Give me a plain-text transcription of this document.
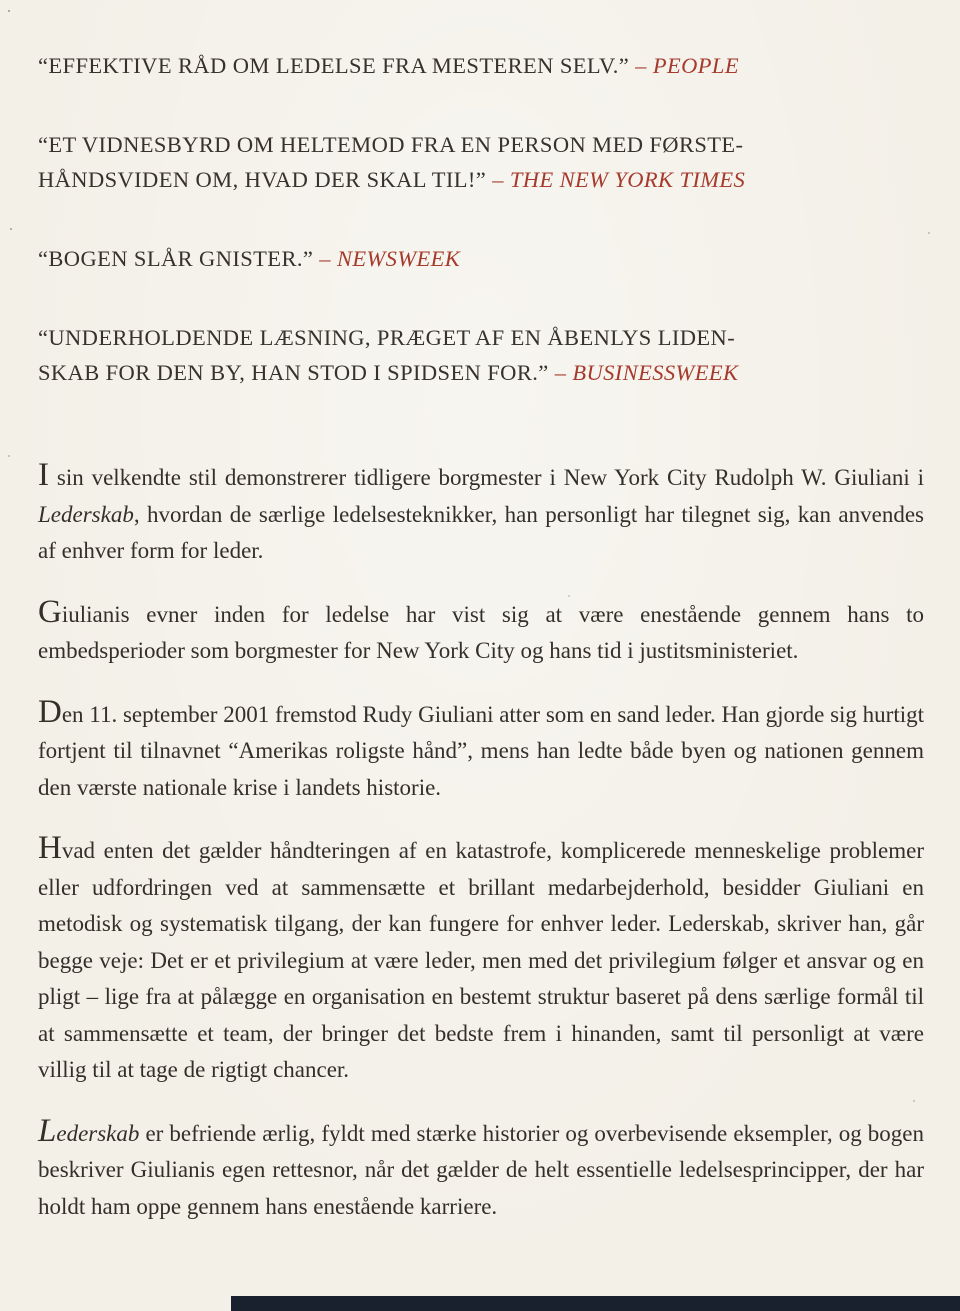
“EFFEKTIVE RÅD OM LEDELSE FRA MESTEREN SELV.” – PEOPLE

“ET VIDNESBYRD OM HELTEMOD FRA EN PERSON MED FØRSTE-
HÅNDSVIDEN OM, HVAD DER SKAL TIL!” – THE NEW YORK TIMES

“BOGEN SLÅR GNISTER.” – NEWSWEEK

“UNDERHOLDENDE LÆSNING, PRÆGET AF EN ÅBENLYS LIDEN-
SKAB FOR DEN BY, HAN STOD I SPIDSEN FOR.” – BUSINESSWEEK

I sin velkendte stil demonstrerer tidligere borgmester i New York City Rudolph W. Giuliani i Lederskab, hvordan de særlige ledelsesteknikker, han personligt har tilegnet sig, kan anvendes af enhver form for leder.

Giulianis evner inden for ledelse har vist sig at være enestående gennem hans to embedsperioder som borgmester for New York City og hans tid i justitsministeriet.

Den 11. september 2001 fremstod Rudy Giuliani atter som en sand leder. Han gjorde sig hurtigt fortjent til tilnavnet “Amerikas roligste hånd”, mens han ledte både byen og nationen gennem den værste nationale krise i landets historie.

Hvad enten det gælder håndteringen af en katastrofe, komplicerede menneskelige problemer eller udfordringen ved at sammensætte et brillant medarbejderhold, besidder Giuliani en metodisk og systematisk tilgang, der kan fungere for enhver leder. Lederskab, skriver han, går begge veje: Det er et privilegium at være leder, men med det privilegium følger et ansvar og en pligt – lige fra at pålægge en organisation en bestemt struktur baseret på dens særlige formål til at sammensætte et team, der bringer det bedste frem i hinanden, samt til personligt at være villig til at tage de rigtigt chancer.

Lederskab er befriende ærlig, fyldt med stærke historier og overbevisende eksempler, og bogen beskriver Giulianis egen rettesnor, når det gælder de helt essentielle ledelsesprincipper, der har holdt ham oppe gennem hans enestående karriere.
